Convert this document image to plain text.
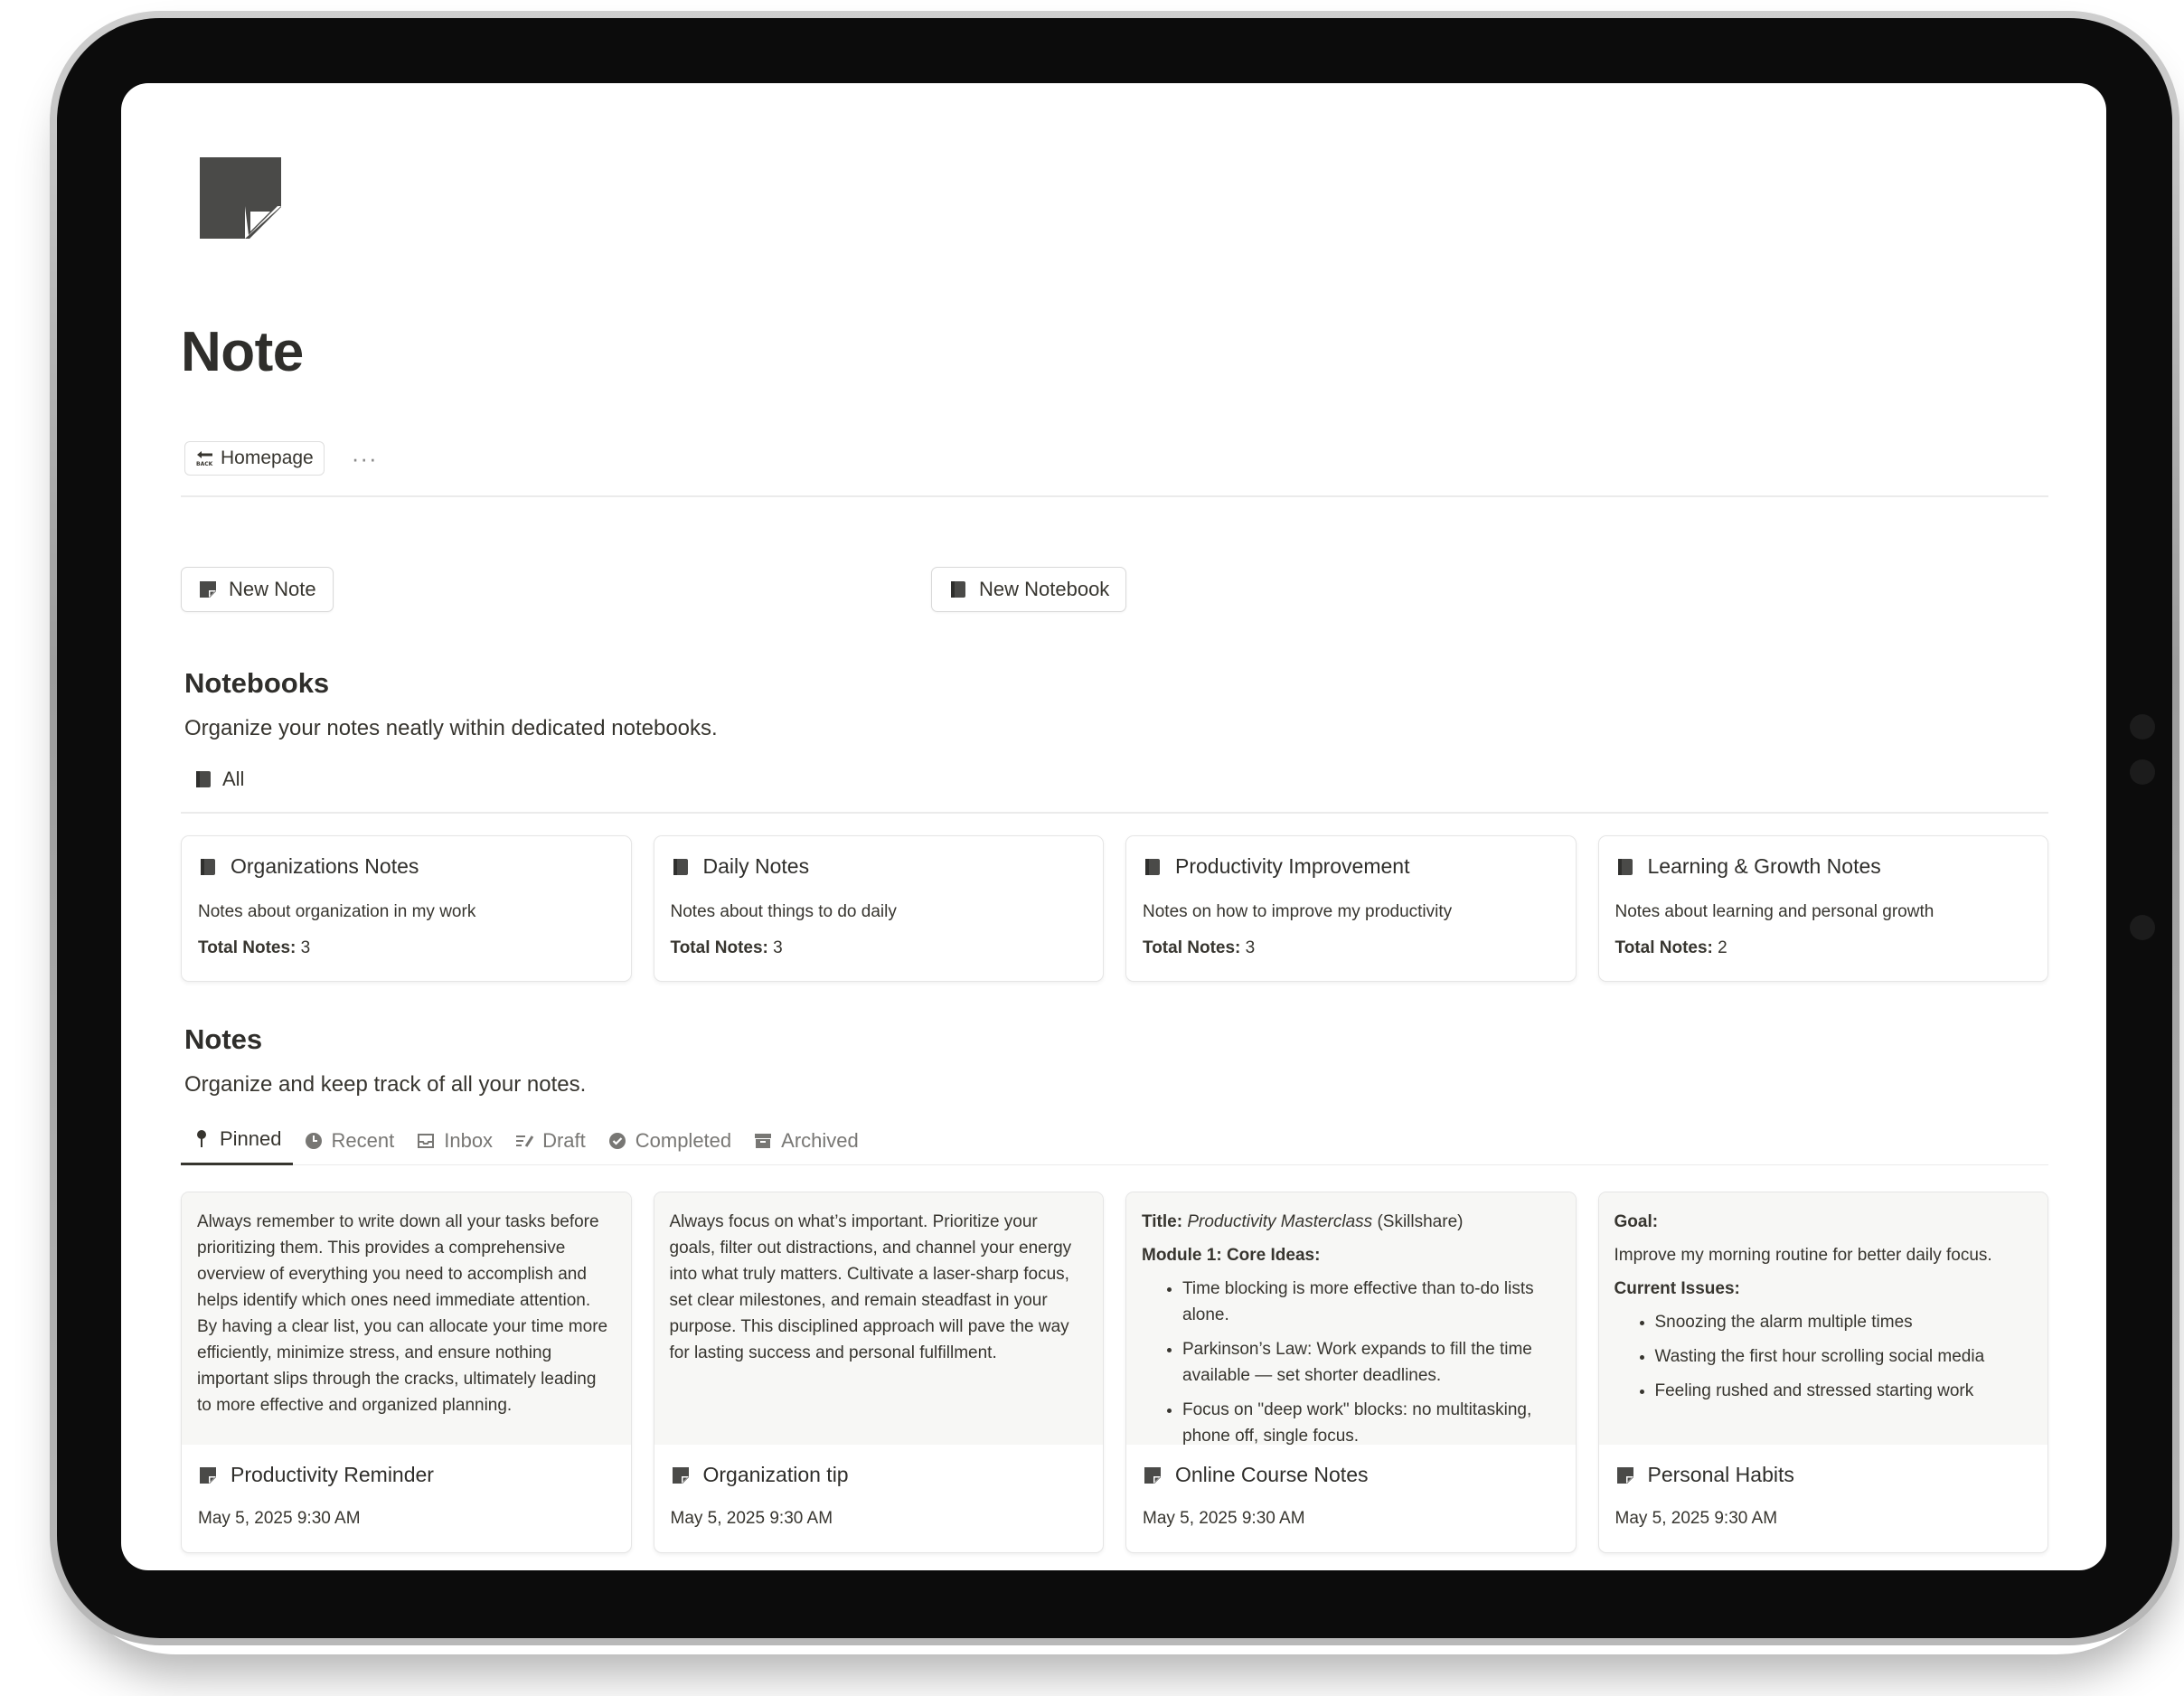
Note
BACK Homepage ···
New Note	New Notebook
Notebooks
Organize your notes neatly within dedicated notebooks.
All
Organizations Notes
Notes about organization in my work
Total Notes: 3
Daily Notes
Notes about things to do daily
Total Notes: 3
Productivity Improvement
Notes on how to improve my productivity
Total Notes: 3
Learning & Growth Notes
Notes about learning and personal growth
Total Notes: 2
Notes
Organize and keep track of all your notes.
Pinned	Recent	Inbox	Draft	Completed	Archived
Always remember to write down all your tasks before prioritizing them. This provides a comprehensive overview of everything you need to accomplish and helps identify which ones need immediate attention. By having a clear list, you can allocate your time more efficiently, minimize stress, and ensure nothing important slips through the cracks, ultimately leading to more effective and organized planning.
Productivity Reminder
May 5, 2025 9:30 AM
Always focus on what’s important. Prioritize your goals, filter out distractions, and channel your energy into what truly matters. Cultivate a laser-sharp focus, set clear milestones, and remain steadfast in your purpose. This disciplined approach will pave the way for lasting success and personal fulfillment.
Organization tip
May 5, 2025 9:30 AM
Title: Productivity Masterclass (Skillshare)
Module 1: Core Ideas:
• Time blocking is more effective than to-do lists alone.
• Parkinson’s Law: Work expands to fill the time available — set shorter deadlines.
• Focus on "deep work" blocks: no multitasking, phone off, single focus.
Online Course Notes
May 5, 2025 9:30 AM
Goal:
Improve my morning routine for better daily focus.
Current Issues:
• Snoozing the alarm multiple times
• Wasting the first hour scrolling social media
• Feeling rushed and stressed starting work
Personal Habits
May 5, 2025 9:30 AM
